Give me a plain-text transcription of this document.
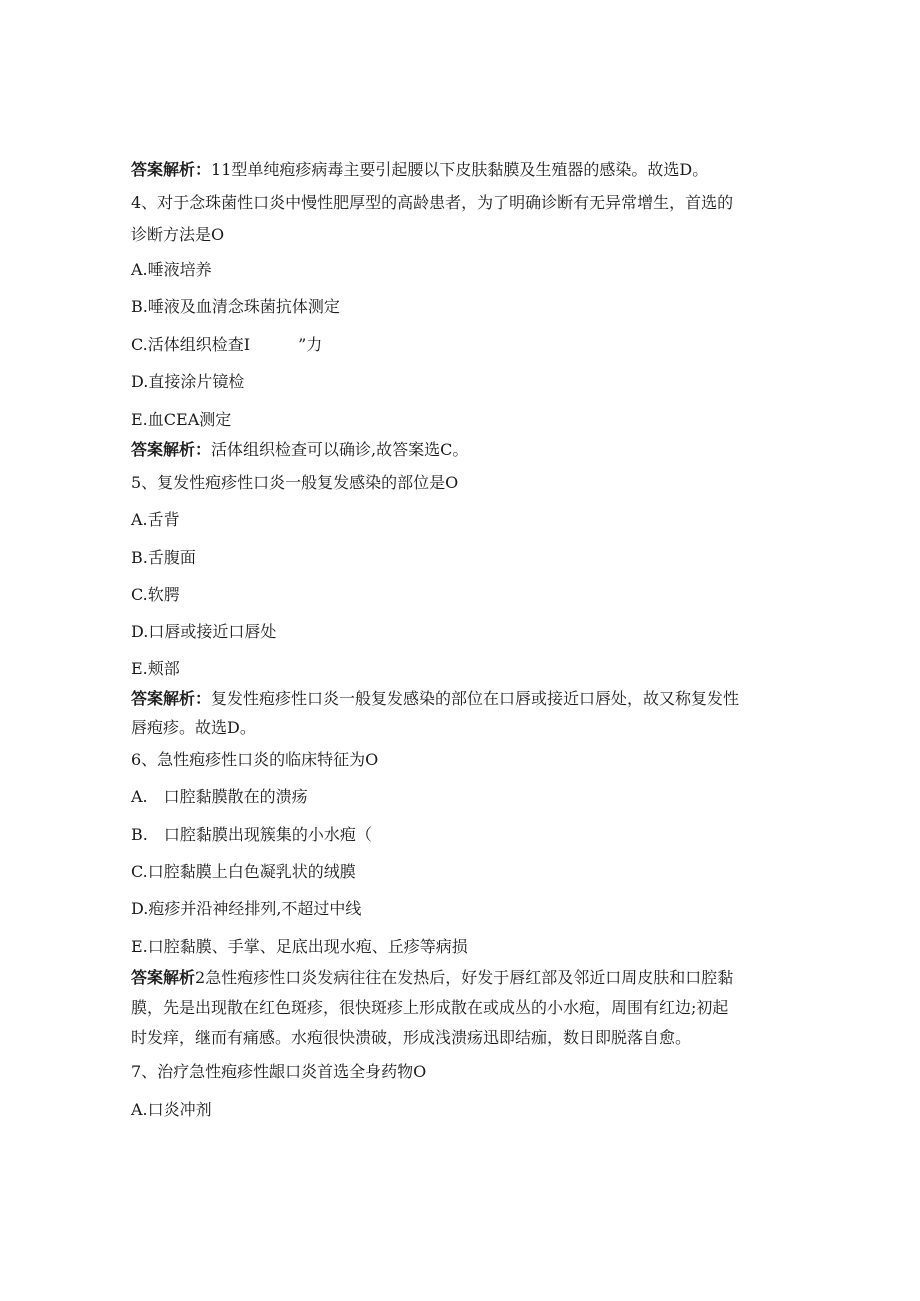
答案解析：11型单纯疱疹病毒主要引起腰以下皮肤黏膜及生殖器的感染。故选D。
4、对于念珠菌性口炎中慢性肥厚型的高龄患者，为了明确诊断有无异常增生，首选的
诊断方法是O
A.唾液培养
B.唾液及血清念珠菌抗体测定
C.活体组织检查I　　　”力
D.直接涂片镜检
E.血CEA测定
答案解析：活体组织检查可以确诊,故答案选C。
5、复发性疱疹性口炎一般复发感染的部位是O
A.舌背
B.舌腹面
C.软腭
D.口唇或接近口唇处
E.颊部
答案解析：复发性疱疹性口炎一般复发感染的部位在口唇或接近口唇处，故又称复发性
唇疱疹。故选D。
6、急性疱疹性口炎的临床特征为O
A.　口腔黏膜散在的溃疡
B.　口腔黏膜出现簇集的小水疱（
C.口腔黏膜上白色凝乳状的绒膜
D.疱疹并沿神经排列,不超过中线
E.口腔黏膜、手掌、足底出现水疱、丘疹等病损
答案解析2急性疱疹性口炎发病往往在发热后，好发于唇红部及邻近口周皮肤和口腔黏
膜，先是出现散在红色斑疹，很快斑疹上形成散在或成丛的小水疱，周围有红边;初起
时发痒，继而有痛感。水疱很快溃破，形成浅溃疡迅即结痂，数日即脱落自愈。
7、治疗急性疱疹性龈口炎首选全身药物O
A.口炎冲剂
